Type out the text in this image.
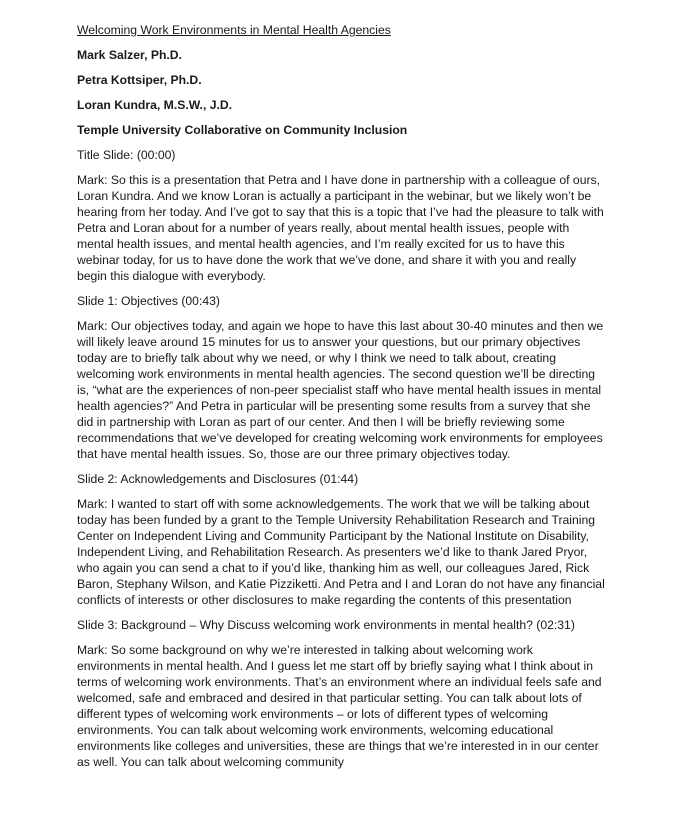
Welcoming Work Environments in Mental Health Agencies
Mark Salzer, Ph.D.
Petra Kottsiper, Ph.D.
Loran Kundra, M.S.W., J.D.
Temple University Collaborative on Community Inclusion
Title Slide: (00:00)
Mark: So this is a presentation that Petra and I have done in partnership with a colleague of ours, Loran Kundra. And we know Loran is actually a participant in the webinar, but we likely won’t be hearing from her today. And I’ve got to say that this is a topic that I’ve had the pleasure to talk with Petra and Loran about for a number of years really, about mental health issues, people with mental health issues, and mental health agencies, and I’m really excited for us to have this webinar today, for us to have done the work that we’ve done, and share it with you and really begin this dialogue with everybody.
Slide 1: Objectives (00:43)
Mark: Our objectives today, and again we hope to have this last about 30-40 minutes and then we will likely leave around 15 minutes for us to answer your questions, but our primary objectives today are to briefly talk about why we need, or why I think we need to talk about, creating welcoming work environments in mental health agencies. The second question we’ll be directing is, “what are the experiences of non-peer specialist staff who have mental health issues in mental health agencies?” And Petra in particular will be presenting some results from a survey that she did in partnership with Loran as part of our center. And then I will be briefly reviewing some recommendations that we’ve developed for creating welcoming work environments for employees that have mental health issues. So, those are our three primary objectives today.
Slide 2: Acknowledgements and Disclosures (01:44)
Mark: I wanted to start off with some acknowledgements. The work that we will be talking about today has been funded by a grant to the Temple University Rehabilitation Research and Training Center on Independent Living and Community Participant by the National Institute on Disability, Independent Living, and Rehabilitation Research. As presenters we’d like to thank Jared Pryor, who again you can send a chat to if you’d like, thanking him as well, our colleagues Jared, Rick Baron, Stephany Wilson, and Katie Pizziketti. And Petra and I and Loran do not have any financial conflicts of interests or other disclosures to make regarding the contents of this presentation
Slide 3: Background – Why Discuss welcoming work environments in mental health? (02:31)
Mark: So some background on why we’re interested in talking about welcoming work environments in mental health. And I guess let me start off by briefly saying what I think about in terms of welcoming work environments. That’s an environment where an individual feels safe and welcomed, safe and embraced and desired in that particular setting. You can talk about lots of different types of welcoming work environments – or lots of different types of welcoming environments. You can talk about welcoming work environments, welcoming educational environments like colleges and universities, these are things that we’re interested in in our center as well. You can talk about welcoming community
